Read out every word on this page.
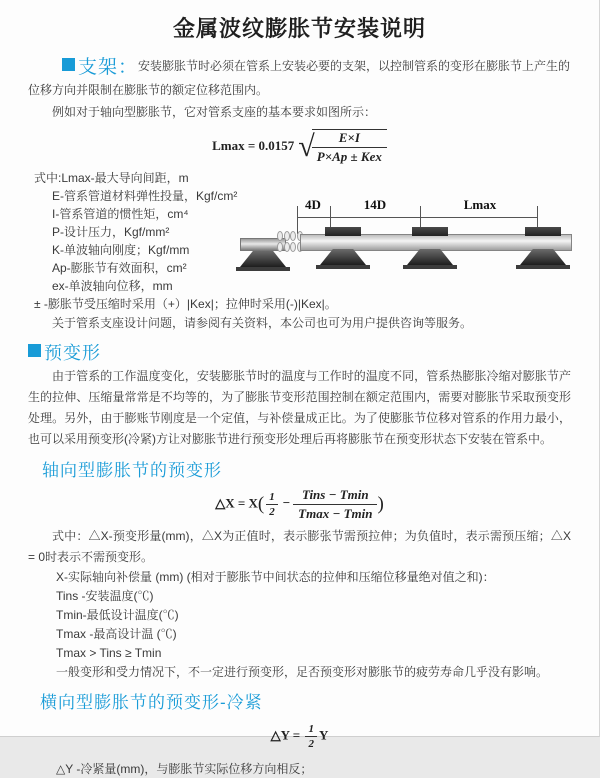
金属波纹膨胀节安装说明
支架：安装膨胀节时必须在管系上安装必要的支架，以控制管系的变形在膨胀节上产生的位移方向并限制在膨胀节的额定位移范围内。
例如对于轴向型膨胀节，它对管系支座的基本要求如图所示：
Lmax = 0.0157 √
$\frac{E\times I}{\text{P×Ap ± Kex}}$
式中:Lmax-最大导向间距，m
E-管系管道材料弹性投量，Kgf/cm²
I-管系管道的惯性矩，cm⁴
P-设计压力，Kgf/mm²
K-单波轴向刚度；Kgf/mm
Ap-膨胀节有效面积，cm²
ex-单波轴向位移，mm
± -膨胀节受压缩时采用（+）|Kex|；拉伸时采用(-)|Kex|。
4D	14D	Lmax
关于管系支座设计问题，请参阅有关资料，本公司也可为用户提供咨询等服务。
预变形
由于管系的工作温度变化，安装膨胀节时的温度与工作时的温度不同，管系热膨胀冷缩对膨胀节产生的拉伸、压缩量常常是不均等的，为了膨胀节变形范围控制在额定范围内，需要对膨胀节采取预变形处理。另外，由于膨账节刚度是一个定值，与补偿量成正比。为了使膨胀节位移对管系的作用力最小，也可以采用预变形(冷紧)方让对膨胀节进行预变形处理后再将膨胀节在预变形状态下安装在管系中。
轴向型膨胀节的预变形
△X = $X( \frac{1}{2} - \frac{\text{Tins − Tmin}}{Tmax - Tmin}$ )
式中：△X-预变形量(mm)，△X为正值时，表示膨张节需预拉伸；为负值时，表示需预压缩；△X = 0时表示不需预变形。
X-实际轴向补偿量 (mm) (相对于膨胀节中间状态的拉伸和压缩位移量绝对值之和)：
Tins -安装温度(℃)
Tmin-最低设计温度(℃)
Tmax -最高设计温 (℃)
Tmax > Tins ≥ Tmin
一般变形和受力情况下，不一定进行预变形，足否预变形对膨胀节的疲劳寿命几乎没有影响。
横向型膨胀节的预变形-冷紧
△Y = $\frac{1}{2}$ Y
△Y -冷紧量(mm)，与膨胀节实际位移方向相反；
